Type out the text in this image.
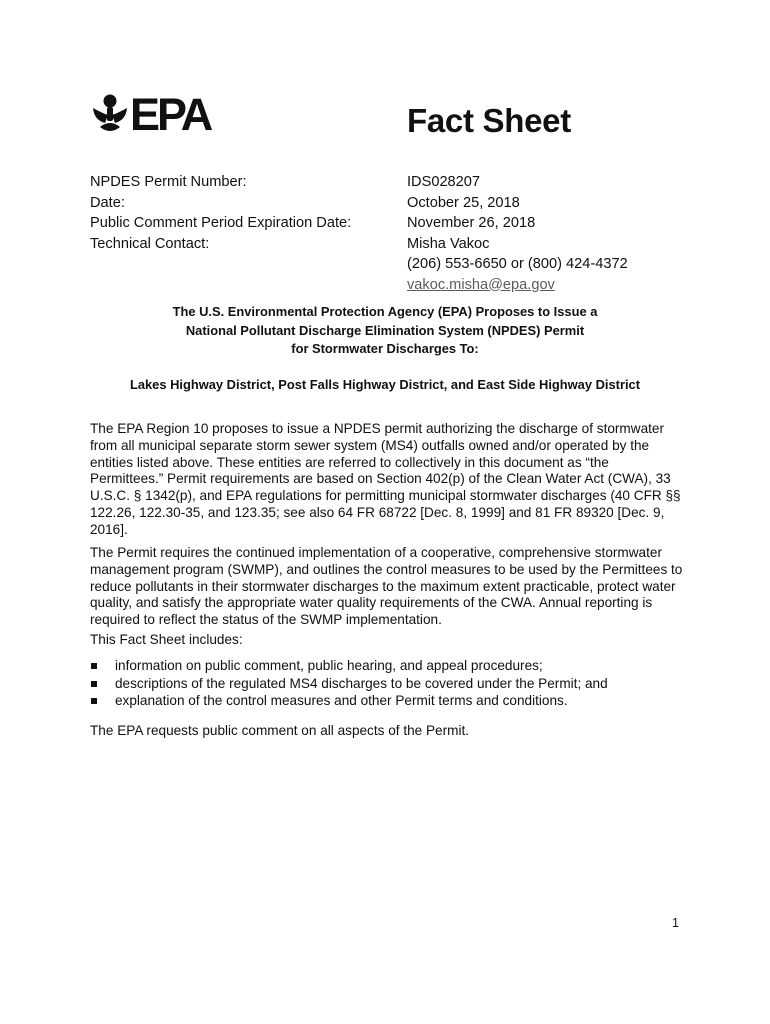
EPA	Fact Sheet
NPDES Permit Number:
Date:
Public Comment Period Expiration Date:
Technical Contact:
IDS028207
October 25, 2018
November 26, 2018
Misha Vakoc
(206) 553-6650 or (800) 424-4372
vakoc.misha@epa.gov
The U.S. Environmental Protection Agency (EPA) Proposes to Issue a
National Pollutant Discharge Elimination System (NPDES) Permit
for Stormwater Discharges To:
Lakes Highway District, Post Falls Highway District, and East Side Highway District
The EPA Region 10 proposes to issue a NPDES permit authorizing the discharge of stormwater from all municipal separate storm sewer system (MS4) outfalls owned and/or operated by the entities listed above. These entities are referred to collectively in this document as “the Permittees.” Permit requirements are based on Section 402(p) of the Clean Water Act (CWA), 33 U.S.C. § 1342(p), and EPA regulations for permitting municipal stormwater discharges (40 CFR §§ 122.26, 122.30-35, and 123.35; see also 64 FR 68722 [Dec. 8, 1999] and 81 FR 89320 [Dec. 9, 2016].
The Permit requires the continued implementation of a cooperative, comprehensive stormwater management program (SWMP), and outlines the control measures to be used by the Permittees to reduce pollutants in their stormwater discharges to the maximum extent practicable, protect water quality, and satisfy the appropriate water quality requirements of the CWA. Annual reporting is required to reflect the status of the SWMP implementation.
This Fact Sheet includes:
information on public comment, public hearing, and appeal procedures;
descriptions of the regulated MS4 discharges to be covered under the Permit; and
explanation of the control measures and other Permit terms and conditions.
The EPA requests public comment on all aspects of the Permit.
1
